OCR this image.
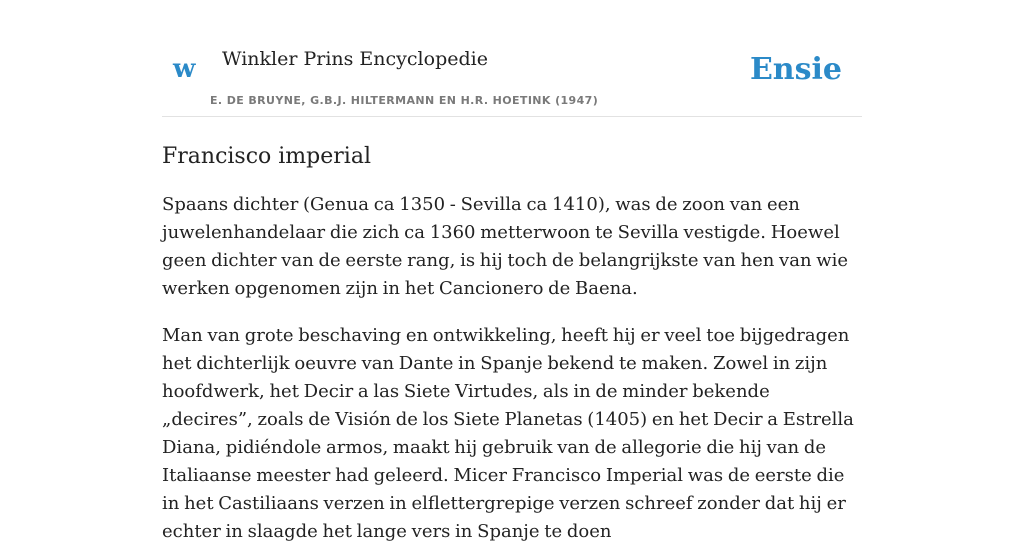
w Winkler Prins Encyclopedie
E. DE BRUYNE, G.B.J. HILTERMANN EN H.R. HOETINK (1947)
Ensie
Francisco imperial

Spaans dichter (Genua ca 1350 - Sevilla ca 1410), was de zoon van een juwelenhandelaar die zich ca 1360 metterwoon te Sevilla vestigde. Hoewel geen dichter van de eerste rang, is hij toch de belangrijkste van hen van wie werken opgenomen zijn in het Cancionero de Baena.

Man van grote beschaving en ontwikkeling, heeft hij er veel toe bijgedragen het dichterlijk oeuvre van Dante in Spanje bekend te maken. Zowel in zijn hoofdwerk, het Decir a las Siete Virtudes, als in de minder bekende „decires”, zoals de Visión de los Siete Planetas (1405) en het Decir a Estrella Diana, pidiéndole armos, maakt hij gebruik van de allegorie die hij van de Italiaanse meester had geleerd. Micer Francisco Imperial was de eerste die in het Castiliaans verzen in elflettergrepige verzen schreef zonder dat hij er echter in slaagde het lange vers in Spanje te doen
